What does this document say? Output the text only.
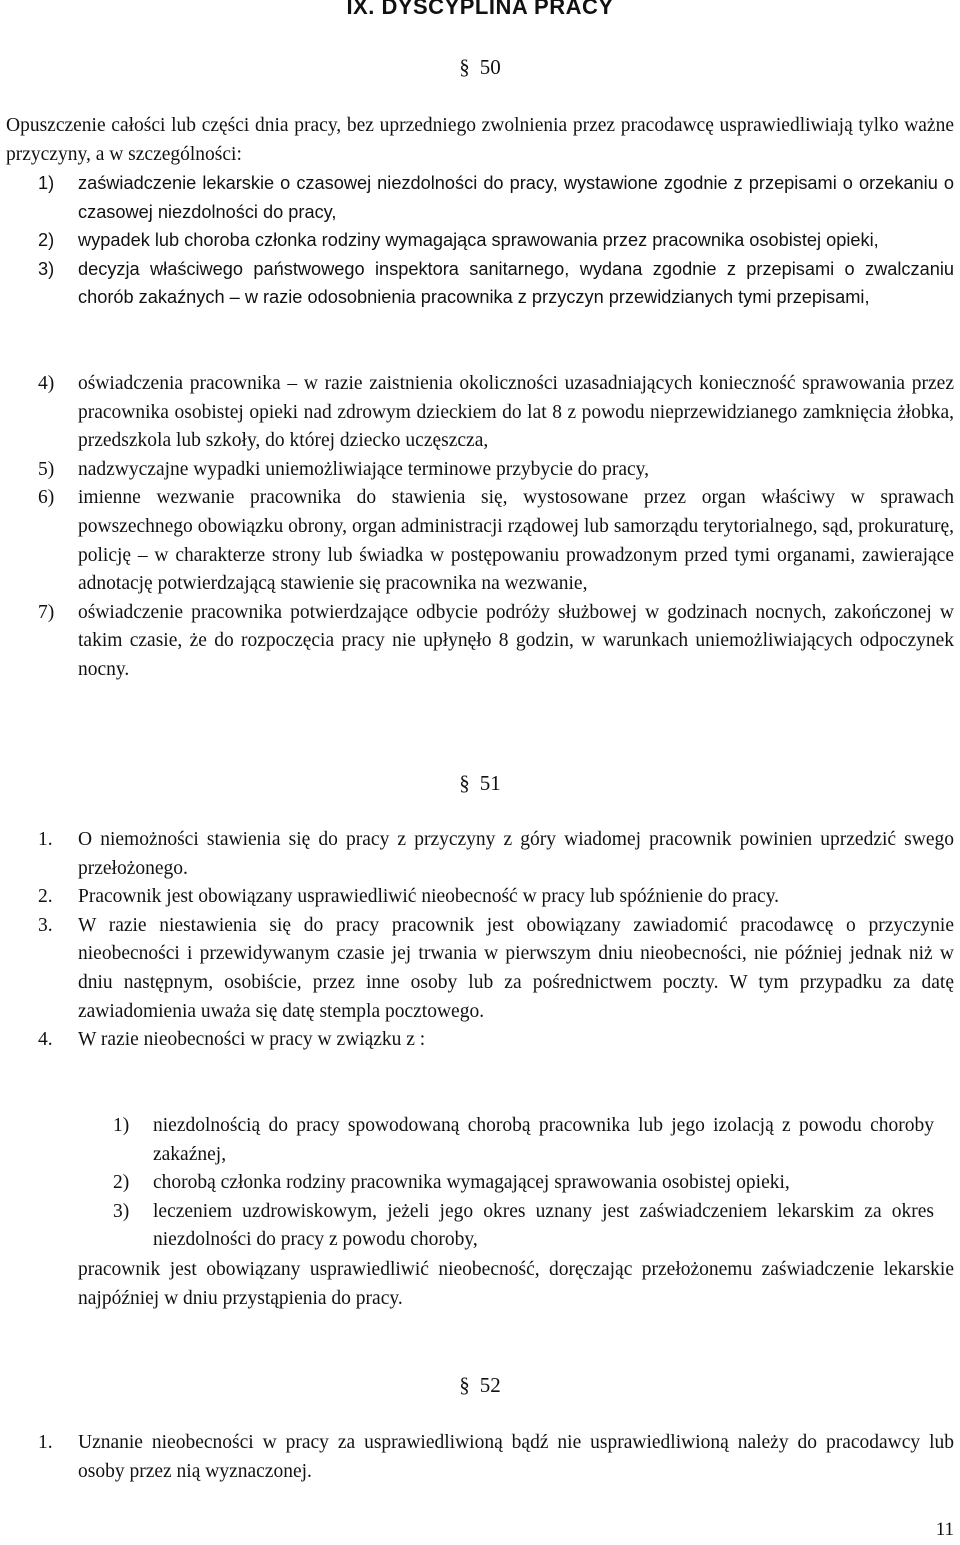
IX. DYSCYPLINA PRACY
§ 50
Opuszczenie całości lub części dnia pracy, bez uprzedniego zwolnienia przez pracodawcę usprawiedliwiają tylko ważne przyczyny, a w szczególności:
1) zaświadczenie lekarskie o czasowej niezdolności do pracy, wystawione zgodnie z przepisami o orzekaniu o czasowej niezdolności do pracy,
2) wypadek lub choroba członka rodziny wymagająca sprawowania przez pracownika osobistej opieki,
3) decyzja właściwego państwowego inspektora sanitarnego, wydana zgodnie z przepisami o zwalczaniu chorób zakaźnych – w razie odosobnienia pracownika z przyczyn przewidzianych tymi przepisami,
4) oświadczenia pracownika – w razie zaistnienia okoliczności uzasadniających konieczność sprawowania przez pracownika osobistej opieki nad zdrowym dzieckiem do lat 8 z powodu nieprzewidzianego zamknięcia żłobka, przedszkola lub szkoły, do której dziecko uczęszcza,
5) nadzwyczajne wypadki uniemożliwiające terminowe przybycie do pracy,
6) imienne wezwanie pracownika do stawienia się, wystosowane przez organ właściwy w sprawach powszechnego obowiązku obrony, organ administracji rządowej lub samorządu terytorialnego, sąd, prokuraturę, policję – w charakterze strony lub świadka w postępowaniu prowadzonym przed tymi organami, zawierające adnotację potwierdzającą stawienie się pracownika na wezwanie,
7) oświadczenie pracownika potwierdzające odbycie podróży służbowej w godzinach nocnych, zakończonej w takim czasie, że do rozpoczęcia pracy nie upłynęło 8 godzin, w warunkach uniemożliwiających odpoczynek nocny.
§ 51
1. O niemożności stawienia się do pracy z przyczyny z góry wiadomej pracownik powinien uprzedzić swego przełożonego.
2. Pracownik jest obowiązany usprawiedliwić nieobecność w pracy lub spóźnienie do pracy.
3. W razie niestawienia się do pracy pracownik jest obowiązany zawiadomić pracodawcę o przyczynie nieobecności i przewidywanym czasie jej trwania w pierwszym dniu nieobecności, nie później jednak niż w dniu następnym, osobiście, przez inne osoby lub za pośrednictwem poczty. W tym przypadku za datę zawiadomienia uważa się datę stempla pocztowego.
4. W razie nieobecności w pracy w związku z :
1) niezdolnością do pracy spowodowaną chorobą pracownika lub jego izolacją z powodu choroby zakaźnej,
2) chorobą członka rodziny pracownika wymagającej sprawowania osobistej opieki,
3) leczeniem uzdrowiskowym, jeżeli jego okres uznany jest zaświadczeniem lekarskim za okres niezdolności do pracy z powodu choroby,
pracownik jest obowiązany usprawiedliwić nieobecność, doręczając przełożonemu zaświadczenie lekarskie najpóźniej w dniu przystąpienia do pracy.
§ 52
1. Uznanie nieobecności w pracy za usprawiedliwioną bądź nie usprawiedliwioną należy do pracodawcy lub osoby przez nią wyznaczonej.
11
